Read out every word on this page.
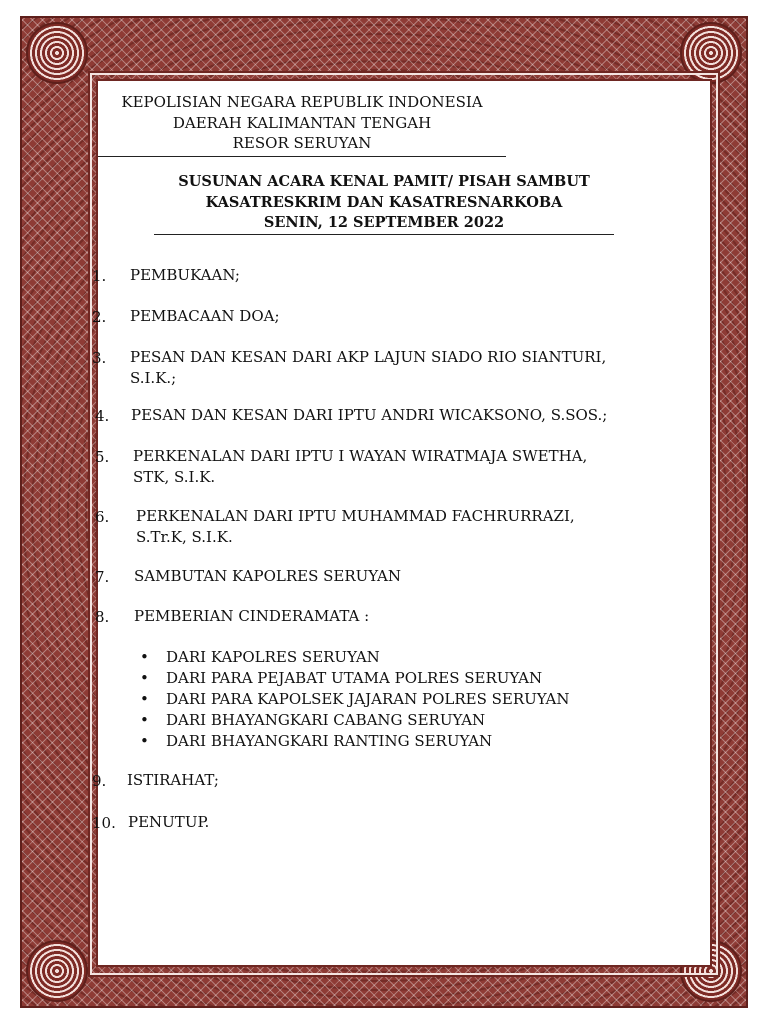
KEPOLISIAN NEGARA REPUBLIK INDONESIA

DAERAH KALIMANTAN TENGAH

RESOR SERUYAN

SUSUNAN ACARA KENAL PAMIT/ PISAH SAMBUT

KASATRESKRIM DAN KASATRESNARKOBA

SENIN, 12 SEPTEMBER 2022

1. PEMBUKAAN;
2. PEMBACAAN DOA;
3. PESAN DAN KESAN DARI AKP LAJUN SIADO RIO SIANTURI,
S.I.K.;
4. PESAN DAN KESAN DARI IPTU ANDRI WICAKSONO, S.SOS.;
5. PERKENALAN DARI IPTU I WAYAN WIRATMAJA SWETHA,
STK, S.I.K.
6. PERKENALAN DARI IPTU MUHAMMAD FACHRURRAZI,
S.Tr.K, S.I.K.
7. SAMBUTAN KAPOLRES SERUYAN
8. PEMBERIAN CINDERAMATA :
• DARI KAPOLRES SERUYAN
• DARI PARA PEJABAT UTAMA POLRES SERUYAN
• DARI PARA KAPOLSEK JAJARAN POLRES SERUYAN
• DARI BHAYANGKARI CABANG SERUYAN
• DARI BHAYANGKARI RANTING SERUYAN
9. ISTIRAHAT;
10. PENUTUP.
